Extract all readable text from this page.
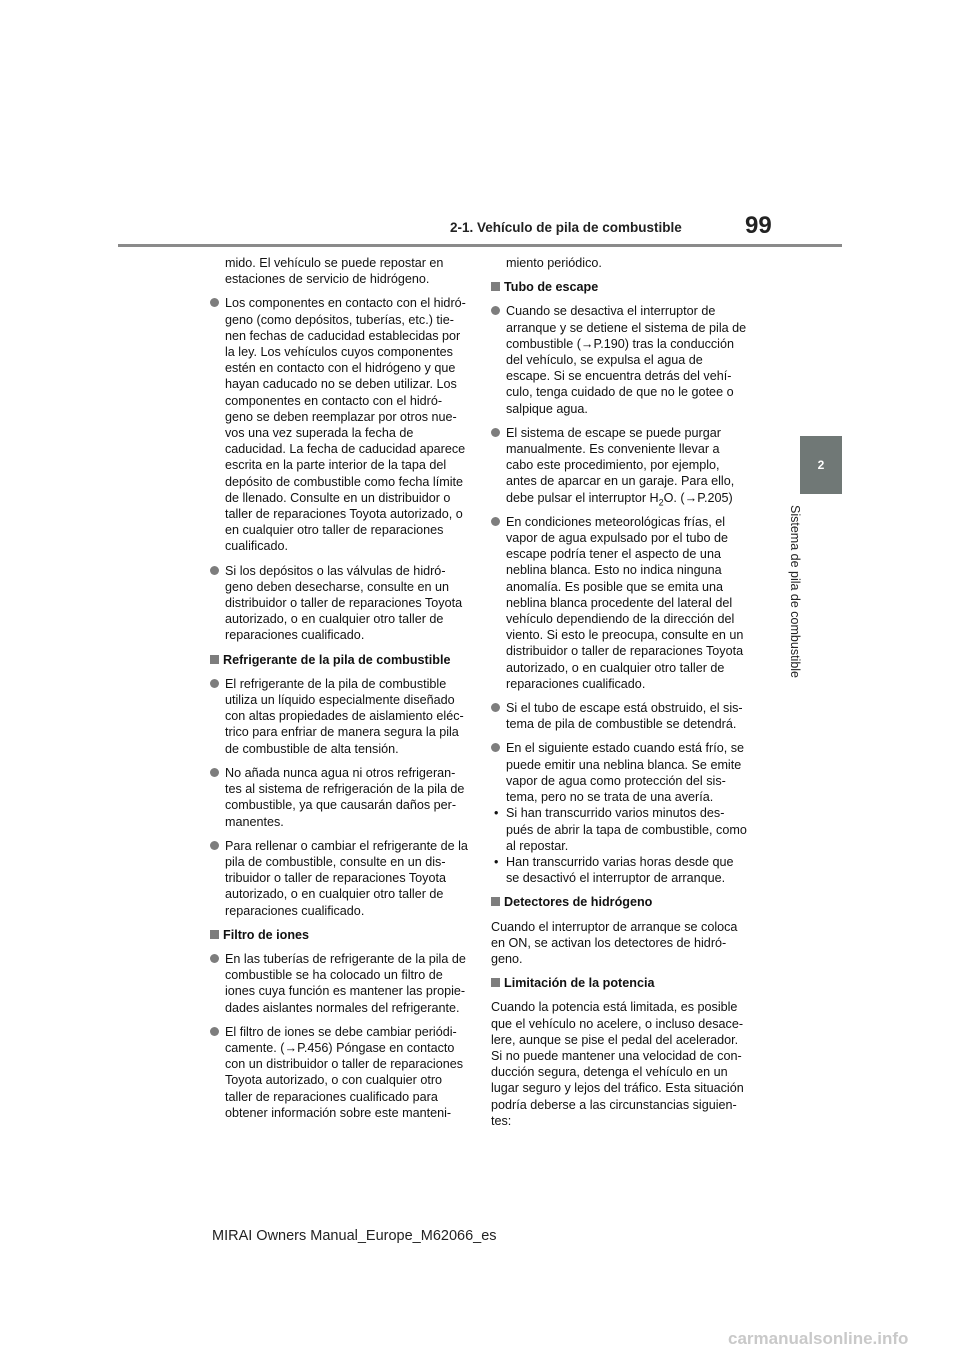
2-1. Vehículo de pila de combustible	99
2
Sistema de pila de combustible
mido. El vehículo se puede repostar en estaciones de servicio de hidrógeno.
Los componentes en contacto con el hidró- geno (como depósitos, tuberías, etc.) tie- nen fechas de caducidad establecidas por la ley. Los vehículos cuyos componentes estén en contacto con el hidrógeno y que hayan caducado no se deben utilizar. Los componentes en contacto con el hidró- geno se deben reemplazar por otros nue- vos una vez superada la fecha de caducidad. La fecha de caducidad aparece escrita en la parte interior de la tapa del depósito de combustible como fecha límite de llenado. Consulte en un distribuidor o taller de reparaciones Toyota autorizado, o en cualquier otro taller de reparaciones cualificado.
Si los depósitos o las válvulas de hidró- geno deben desecharse, consulte en un distribuidor o taller de reparaciones Toyota autorizado, o en cualquier otro taller de reparaciones cualificado.
Refrigerante de la pila de combustible
El refrigerante de la pila de combustible utiliza un líquido especialmente diseñado con altas propiedades de aislamiento eléc- trico para enfriar de manera segura la pila de combustible de alta tensión.
No añada nunca agua ni otros refrigeran- tes al sistema de refrigeración de la pila de combustible, ya que causarán daños per- manentes.
Para rellenar o cambiar el refrigerante de la pila de combustible, consulte en un dis- tribuidor o taller de reparaciones Toyota autorizado, o en cualquier otro taller de reparaciones cualificado.
Filtro de iones
En las tuberías de refrigerante de la pila de combustible se ha colocado un filtro de iones cuya función es mantener las propie- dades aislantes normales del refrigerante.
El filtro de iones se debe cambiar periódi- camente. (→P.456) Póngase en contacto con un distribuidor o taller de reparaciones Toyota autorizado, o con cualquier otro taller de reparaciones cualificado para obtener información sobre este manteni-
miento periódico.
Tubo de escape
Cuando se desactiva el interruptor de arranque y se detiene el sistema de pila de combustible (→P.190) tras la conducción del vehículo, se expulsa el agua de escape. Si se encuentra detrás del vehí- culo, tenga cuidado de que no le gotee o salpique agua.
El sistema de escape se puede purgar manualmente. Es conveniente llevar a cabo este procedimiento, por ejemplo, antes de aparcar en un garaje. Para ello, debe pulsar el interruptor $H_2O$. (→P.205)
En condiciones meteorológicas frías, el vapor de agua expulsado por el tubo de escape podría tener el aspecto de una neblina blanca. Esto no indica ninguna anomalía. Es posible que se emita una neblina blanca procedente del lateral del vehículo dependiendo de la dirección del viento. Si esto le preocupa, consulte en un distribuidor o taller de reparaciones Toyota autorizado, o en cualquier otro taller de reparaciones cualificado.
Si el tubo de escape está obstruido, el sis- tema de pila de combustible se detendrá.
En el siguiente estado cuando está frío, se puede emitir una neblina blanca. Se emite vapor de agua como protección del sis- tema, pero no se trata de una avería.
• Si han transcurrido varios minutos des- pués de abrir la tapa de combustible, como al repostar.
• Han transcurrido varias horas desde que se desactivó el interruptor de arranque.
Detectores de hidrógeno
Cuando el interruptor de arranque se coloca en ON, se activan los detectores de hidró- geno.
Limitación de la potencia
Cuando la potencia está limitada, es posible que el vehículo no acelere, o incluso desace- lere, aunque se pise el pedal del acelerador. Si no puede mantener una velocidad de con- ducción segura, detenga el vehículo en un lugar seguro y lejos del tráfico. Esta situación podría deberse a las circunstancias siguien- tes:
MIRAI Owners Manual_Europe_M62066_es
carmanualsonline.info
